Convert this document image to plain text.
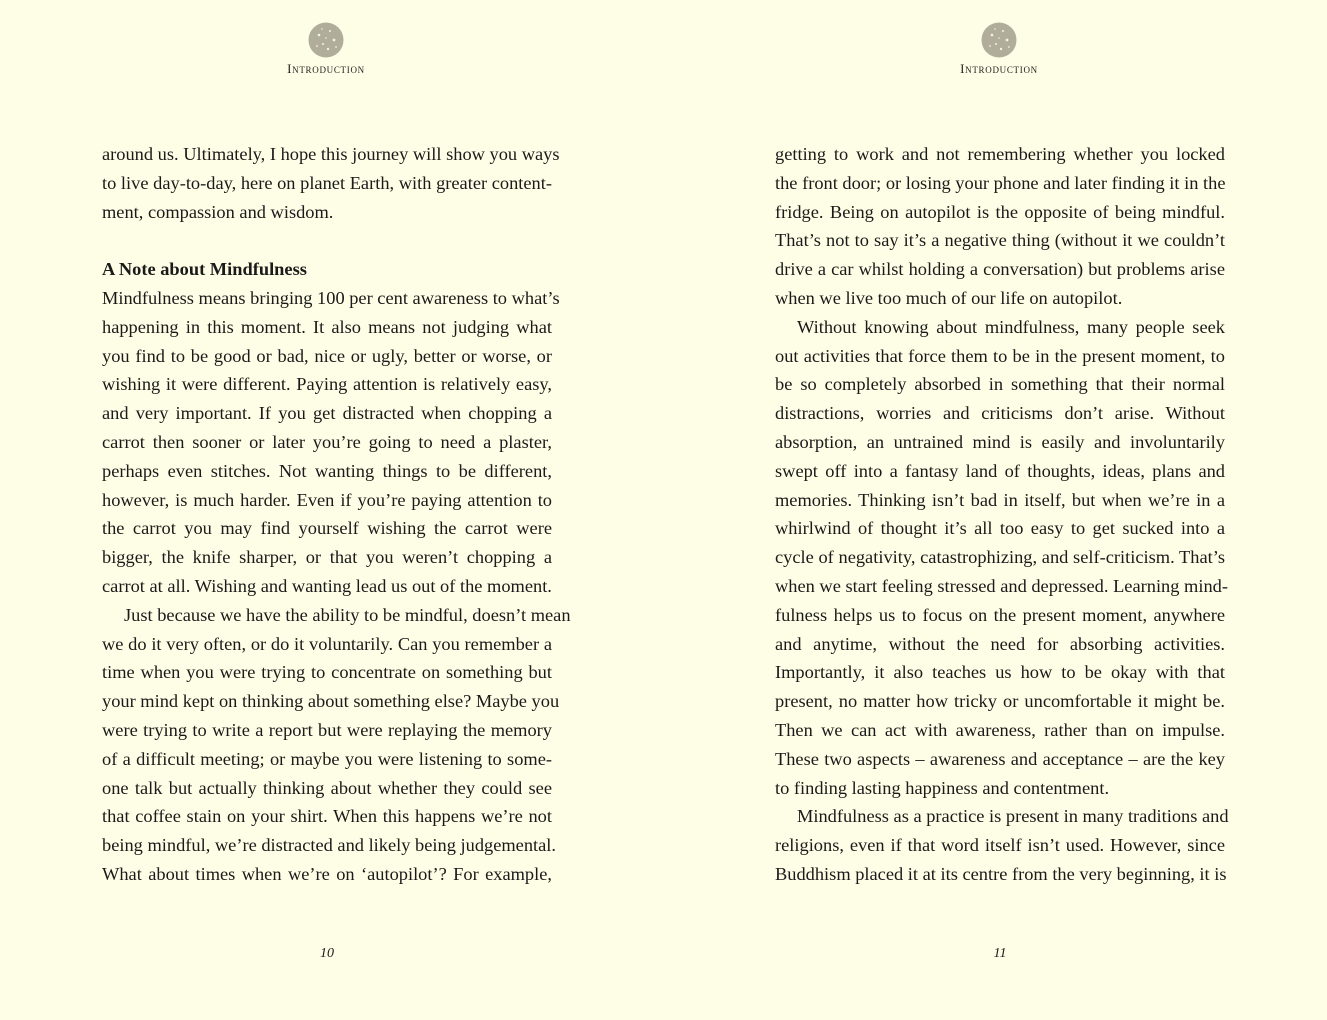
Introduction
around us. Ultimately, I hope this journey will show you ways
to live day-to-day, here on planet Earth, with greater content-
ment, compassion and wisdom.
A Note about Mindfulness
Mindfulness means bringing 100 per cent awareness to what’s
happening in this moment. It also means not judging what
you find to be good or bad, nice or ugly, better or worse, or
wishing it were different. Paying attention is relatively easy,
and very important. If you get distracted when chopping a
carrot then sooner or later you’re going to need a plaster,
perhaps even stitches. Not wanting things to be different,
however, is much harder. Even if you’re paying attention to
the carrot you may find yourself wishing the carrot were
bigger, the knife sharper, or that you weren’t chopping a
carrot at all. Wishing and wanting lead us out of the moment.
Just because we have the ability to be mindful, doesn’t mean
we do it very often, or do it voluntarily. Can you remember a
time when you were trying to concentrate on something but
your mind kept on thinking about something else? Maybe you
were trying to write a report but were replaying the memory
of a difficult meeting; or maybe you were listening to some-
one talk but actually thinking about whether they could see
that coffee stain on your shirt. When this happens we’re not
being mindful, we’re distracted and likely being judgemental.
What about times when we’re on ‘autopilot’? For example,
10
Introduction
getting to work and not remembering whether you locked
the front door; or losing your phone and later finding it in the
fridge. Being on autopilot is the opposite of being mindful.
That’s not to say it’s a negative thing (without it we couldn’t
drive a car whilst holding a conversation) but problems arise
when we live too much of our life on autopilot.
Without knowing about mindfulness, many people seek
out activities that force them to be in the present moment, to
be so completely absorbed in something that their normal
distractions, worries and criticisms don’t arise. Without
absorption, an untrained mind is easily and involuntarily
swept off into a fantasy land of thoughts, ideas, plans and
memories. Thinking isn’t bad in itself, but when we’re in a
whirlwind of thought it’s all too easy to get sucked into a
cycle of negativity, catastrophizing, and self-criticism. That’s
when we start feeling stressed and depressed. Learning mind-
fulness helps us to focus on the present moment, anywhere
and anytime, without the need for absorbing activities.
Importantly, it also teaches us how to be okay with that
present, no matter how tricky or uncomfortable it might be.
Then we can act with awareness, rather than on impulse.
These two aspects – awareness and acceptance – are the key
to finding lasting happiness and contentment.
Mindfulness as a practice is present in many traditions and
religions, even if that word itself isn’t used. However, since
Buddhism placed it at its centre from the very beginning, it is
11
